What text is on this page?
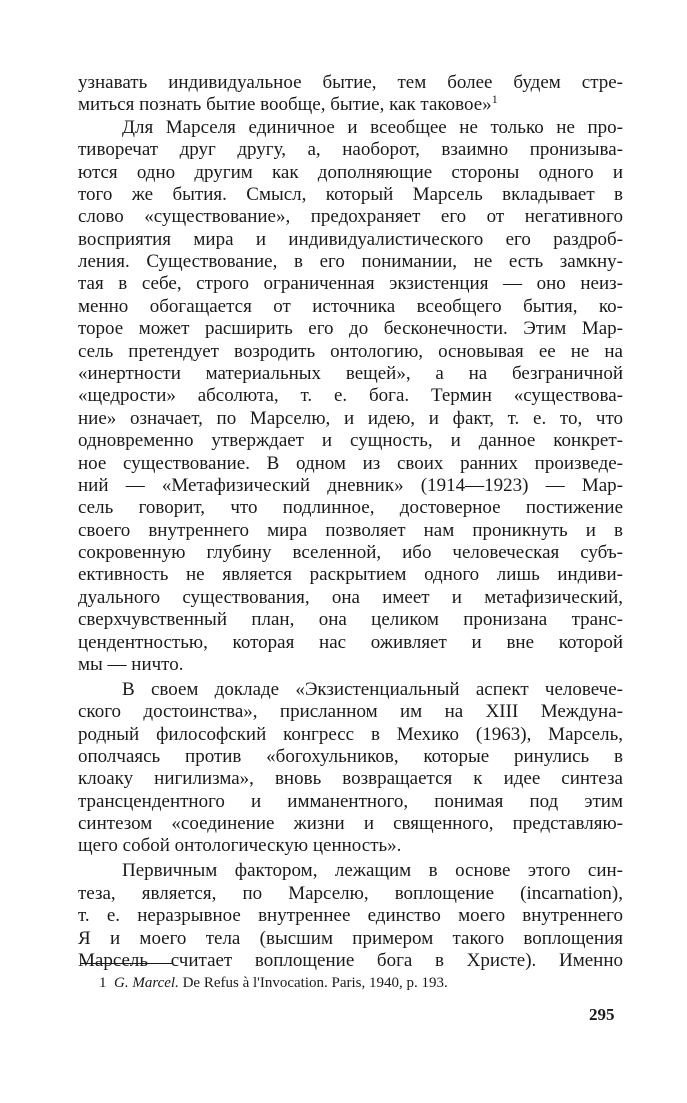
узнавать индивидуальное бытие, тем более будем стре-
миться познать бытие вообще, бытие, как таковое»$^1$
Для Марселя единичное и всеобщее не только не про-
тиворечат друг другу, а, наоборот, взаимно пронизыва-
ются одно другим как дополняющие стороны одного и
того же бытия. Смысл, который Марсель вкладывает в
слово «существование», предохраняет его от негативного
восприятия мира и индивидуалистического его раздроб-
ления. Существование, в его понимании, не есть замкну-
тая в себе, строго ограниченная экзистенция — оно неиз-
менно обогащается от источника всеобщего бытия, ко-
торое может расширить его до бесконечности. Этим Мар-
сель претендует возродить онтологию, основывая ее не на
«инертности материальных вещей», а на безграничной
«щедрости» абсолюта, т. е. бога. Термин «существова-
ние» означает, по Марселю, и идею, и факт, т. е. то, что
одновременно утверждает и сущность, и данное конкрет-
ное существование. В одном из своих ранних произведе-
ний — «Метафизический дневник» (1914—1923) — Мар-
сель говорит, что подлинное, достоверное постижение
своего внутреннего мира позволяет нам проникнуть и в
сокровенную глубину вселенной, ибо человеческая субъ-
ективность не является раскрытием одного лишь индиви-
дуального существования, она имеет и метафизический,
сверхчувственный план, она целиком пронизана транс-
цендентностью, которая нас оживляет и вне которой
мы — ничто.
В своем докладе «Экзистенциальный аспект человече-
ского достоинства», присланном им на XIII Междуна-
родный философский конгресс в Мехико (1963), Марсель,
ополчаясь против «богохульников, которые ринулись в
клоаку нигилизма», вновь возвращается к идее синтеза
трансцендентного и имманентного, понимая под этим
синтезом «соединение жизни и священного, представляю-
щего собой онтологическую ценность».
Первичным фактором, лежащим в основе этого син-
теза, является, по Марселю, воплощение (incarnation),
т. е. неразрывное внутреннее единство моего внутреннего
Я и моего тела (высшим примером такого воплощения
Марсель считает воплощение бога в Христе). Именно
1 G. Marcel. De Refus à l'Invocation. Paris, 1940, p. 193.
295
